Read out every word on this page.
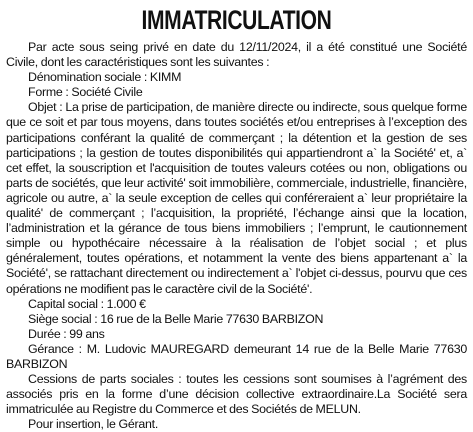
IMMATRICULATION

Par acte sous seing privé en date du 12/11/2024, il a été constitué une Société Civile, dont les caractéristiques sont les suivantes :

Dénomination sociale : KIMM

Forme : Société Civile

Objet : La prise de participation, de manière directe ou indirecte, sous quelque forme que ce soit et par tous moyens, dans toutes sociétés et/ou entreprises à l’exception des participations conférant la qualité de commerçant ; la détention et la gestion de ses participations ; la gestion de toutes disponibilités qui appartiendront a` la Société' et, a` cet effet, la souscription et l'acquisition de toutes valeurs cotées ou non, obligations ou parts de sociétés, que leur activité' soit immobilière, commerciale, industrielle, financière, agricole ou autre, a` la seule exception de celles qui conféreraient a` leur propriétaire la qualité' de commerçant ; l’acquisition, la propriété, l’échange ainsi que la location, l’administration et la gérance de tous biens immobiliers ; l’emprunt, le cautionnement simple ou hypothécaire nécessaire à la réalisation de l’objet social ; et plus généralement, toutes opérations, et notamment la vente des biens appartenant a` la Société', se rattachant directement ou indirectement a` l'objet ci-dessus, pourvu que ces opérations ne modifient pas le caractère civil de la Société'.

Capital social : 1.000 €

Siège social : 16 rue de la Belle Marie 77630 BARBIZON

Durée : 99 ans

Gérance : M. Ludovic MAUREGARD demeurant 14 rue de la Belle Marie 77630 BARBIZON

Cessions de parts sociales : toutes les cessions sont soumises à l’agrément des associés pris en la forme d’une décision collective extraordinaire.La Société sera immatriculée au Registre du Commerce et des Sociétés de MELUN.

Pour insertion, le Gérant.
